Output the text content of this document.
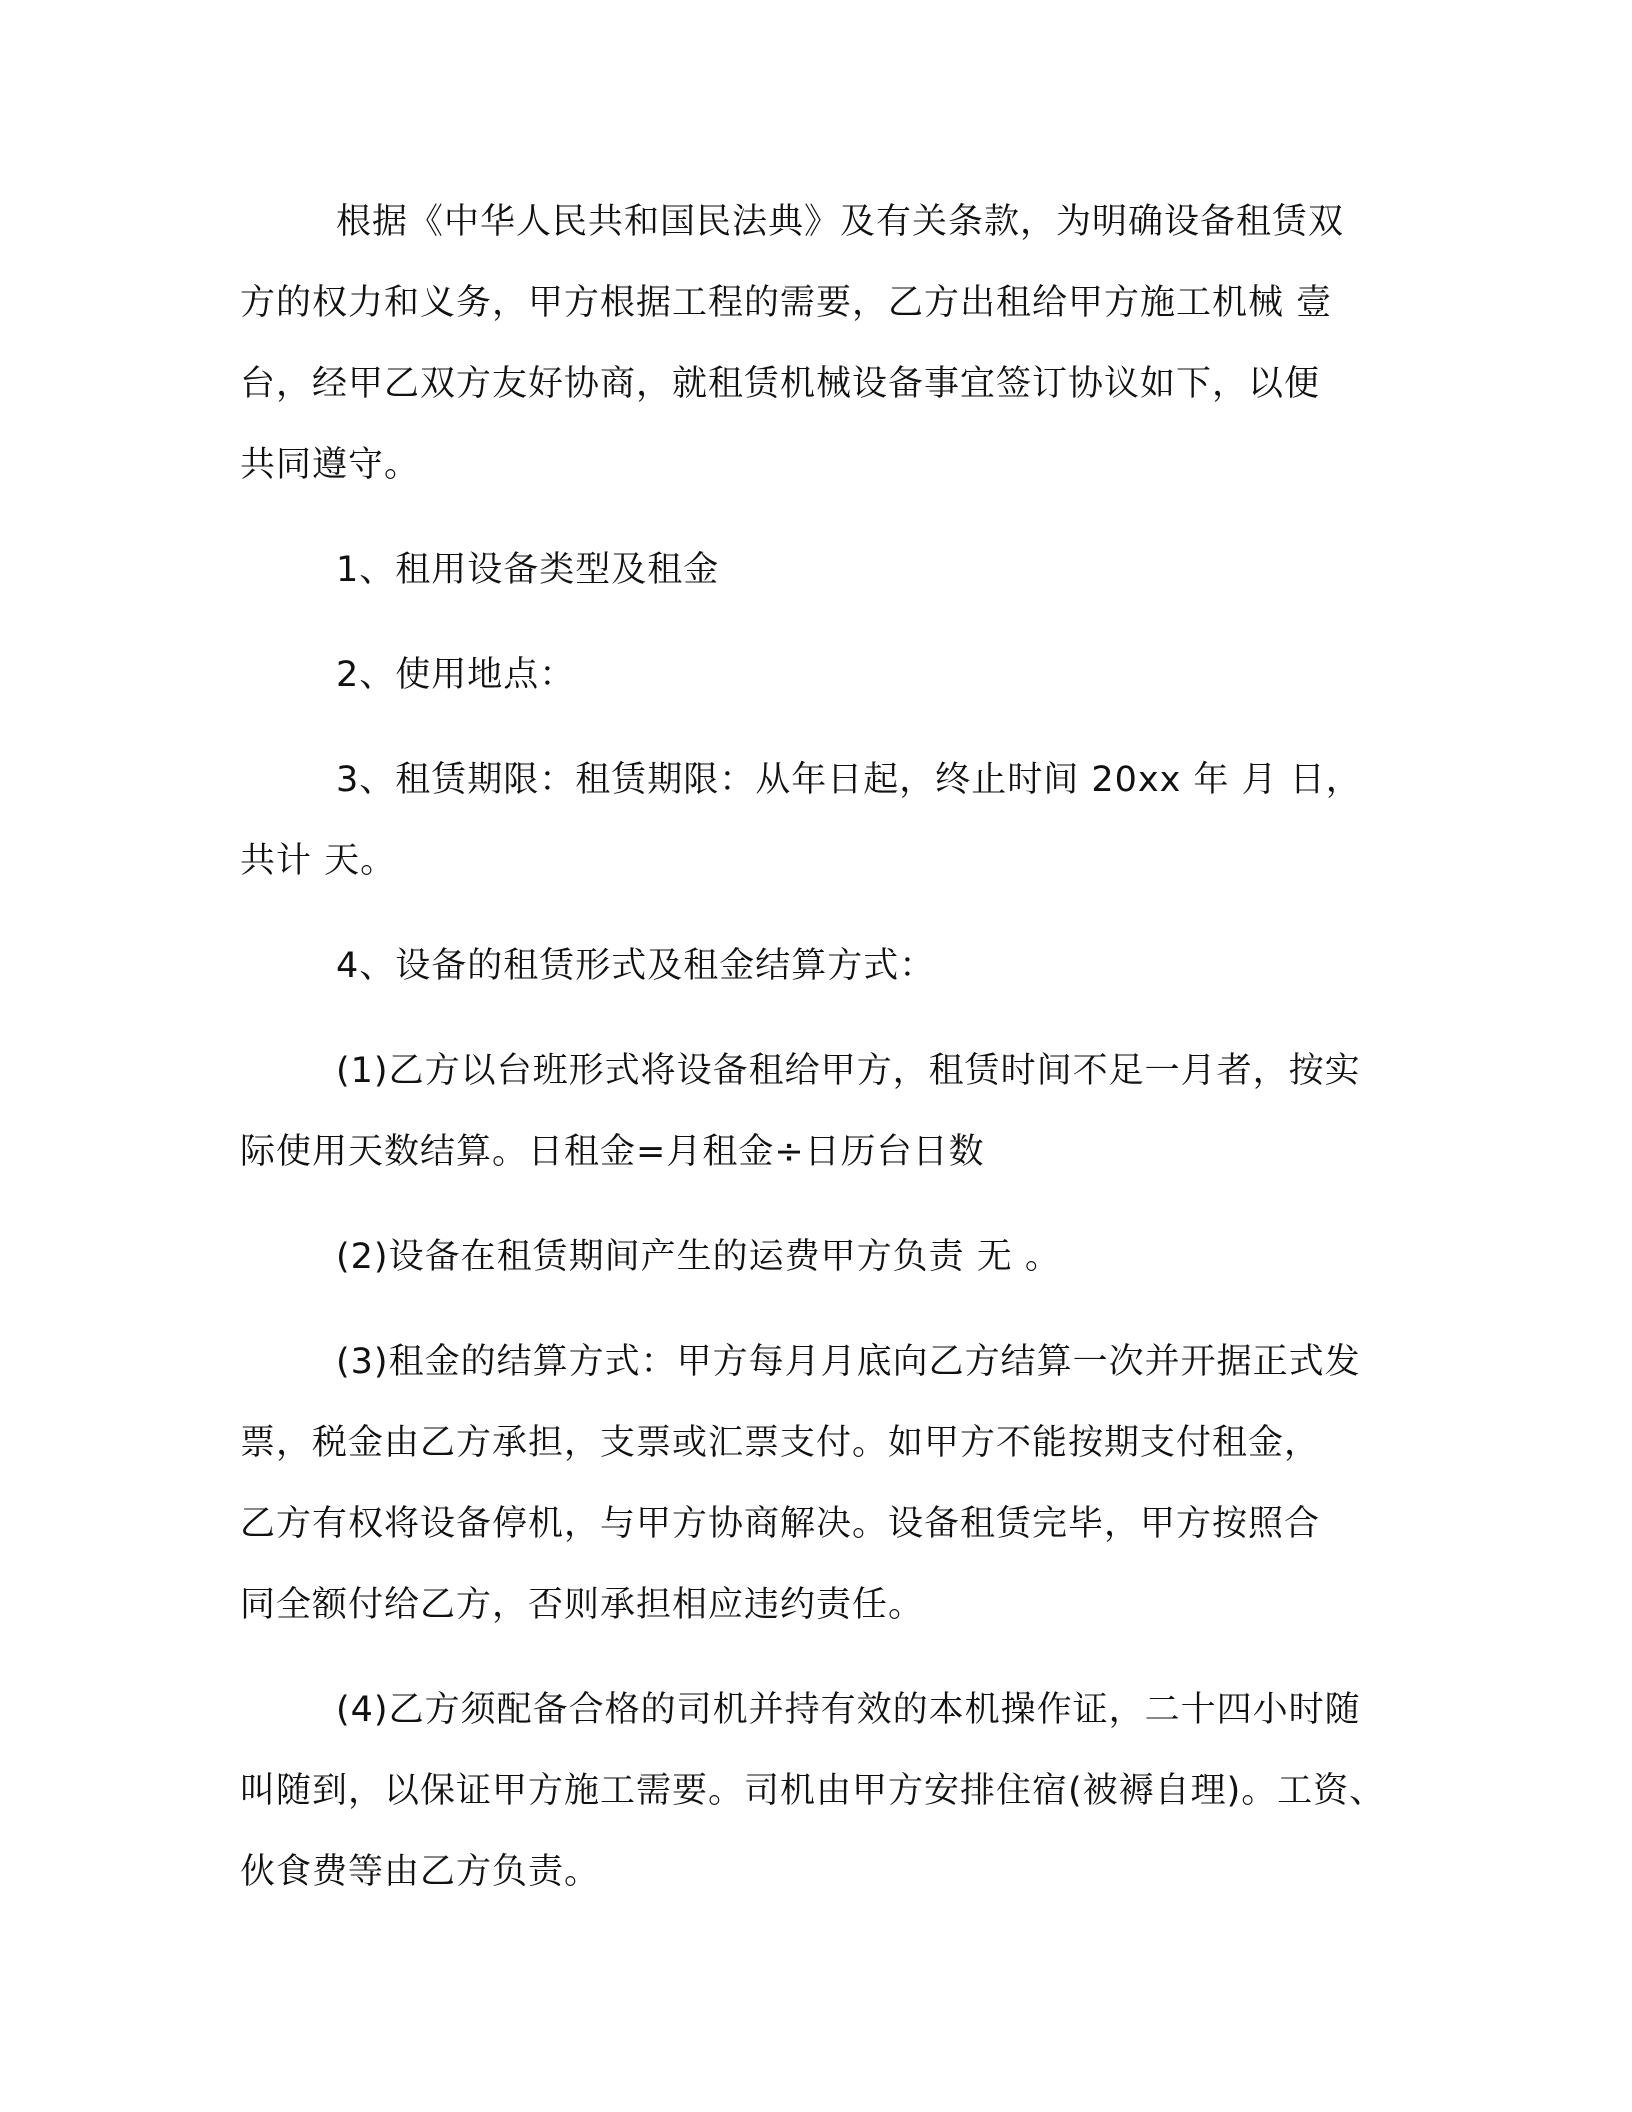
根据《中华人民共和国民法典》及有关条款，为明确设备租赁双
方的权力和义务，甲方根据工程的需要，乙方出租给甲方施工机械 壹
台，经甲乙双方友好协商，就租赁机械设备事宜签订协议如下，以便
共同遵守。

1、租用设备类型及租金

2、使用地点：

3、租赁期限：租赁期限：从年日起，终止时间 20xx 年 月 日，
共计 天。

4、设备的租赁形式及租金结算方式：

(1)乙方以台班形式将设备租给甲方，租赁时间不足一月者，按实
际使用天数结算。日租金=月租金÷日历台日数

(2)设备在租赁期间产生的运费甲方负责 无 。

(3)租金的结算方式：甲方每月月底向乙方结算一次并开据正式发
票，税金由乙方承担，支票或汇票支付。如甲方不能按期支付租金，
乙方有权将设备停机，与甲方协商解决。设备租赁完毕，甲方按照合
同全额付给乙方，否则承担相应违约责任。

(4)乙方须配备合格的司机并持有效的本机操作证，二十四小时随
叫随到，以保证甲方施工需要。司机由甲方安排住宿(被褥自理)。工资、
伙食费等由乙方负责。
